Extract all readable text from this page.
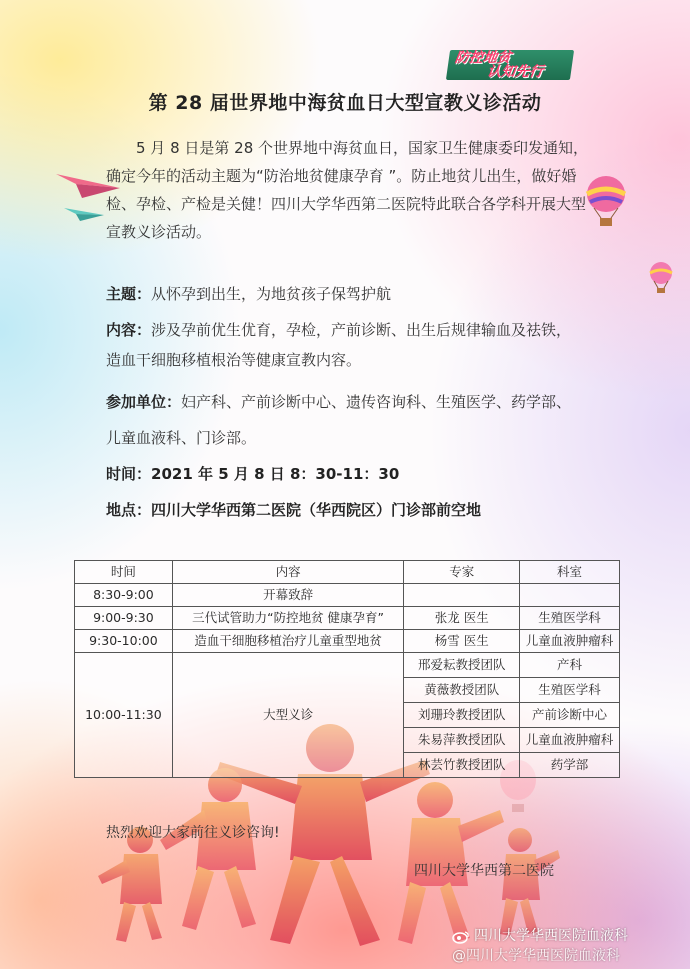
防控地贫
认知先行
第 28 届世界地中海贫血日大型宣教义诊活动

5 月 8 日是第 28 个世界地中海贫血日，国家卫生健康委印发通知，确定今年的活动主题为“防治地贫健康孕育 ”。防止地贫儿出生，做好婚检、孕检、产检是关健！四川大学华西第二医院特此联合各学科开展大型宣教义诊活动。

主题：从怀孕到出生，为地贫孩子保驾护航

内容：涉及孕前优生优育，孕检，产前诊断、出生后规律输血及祛铁，

造血干细胞移植根治等健康宣教内容。

参加单位：妇产科、产前诊断中心、遗传咨询科、生殖医学、药学部、

儿童血液科、门诊部。

时间：2021 年 5 月 8 日 8：30-11：30

地点：四川大学华西第二医院（华西院区）门诊部前空地

时间	内容	专家	科室
8:30-9:00	开幕致辞		
9:00-9:30	三代试管助力“防控地贫 健康孕育”	张龙 医生	生殖医学科
9:30-10:00	造血干细胞移植治疗儿童重型地贫	杨雪 医生	儿童血液肿瘤科
10:00-11:30	大型义诊	邢爱耘教授团队	产科
		黄薇教授团队	生殖医学科
		刘珊玲教授团队	产前诊断中心
		朱易萍教授团队	儿童血液肿瘤科
		林芸竹教授团队	药学部
热烈欢迎大家前往义诊咨询!
四川大学华西第二医院
四川大学华西医院血液科
@四川大学华西医院血液科
